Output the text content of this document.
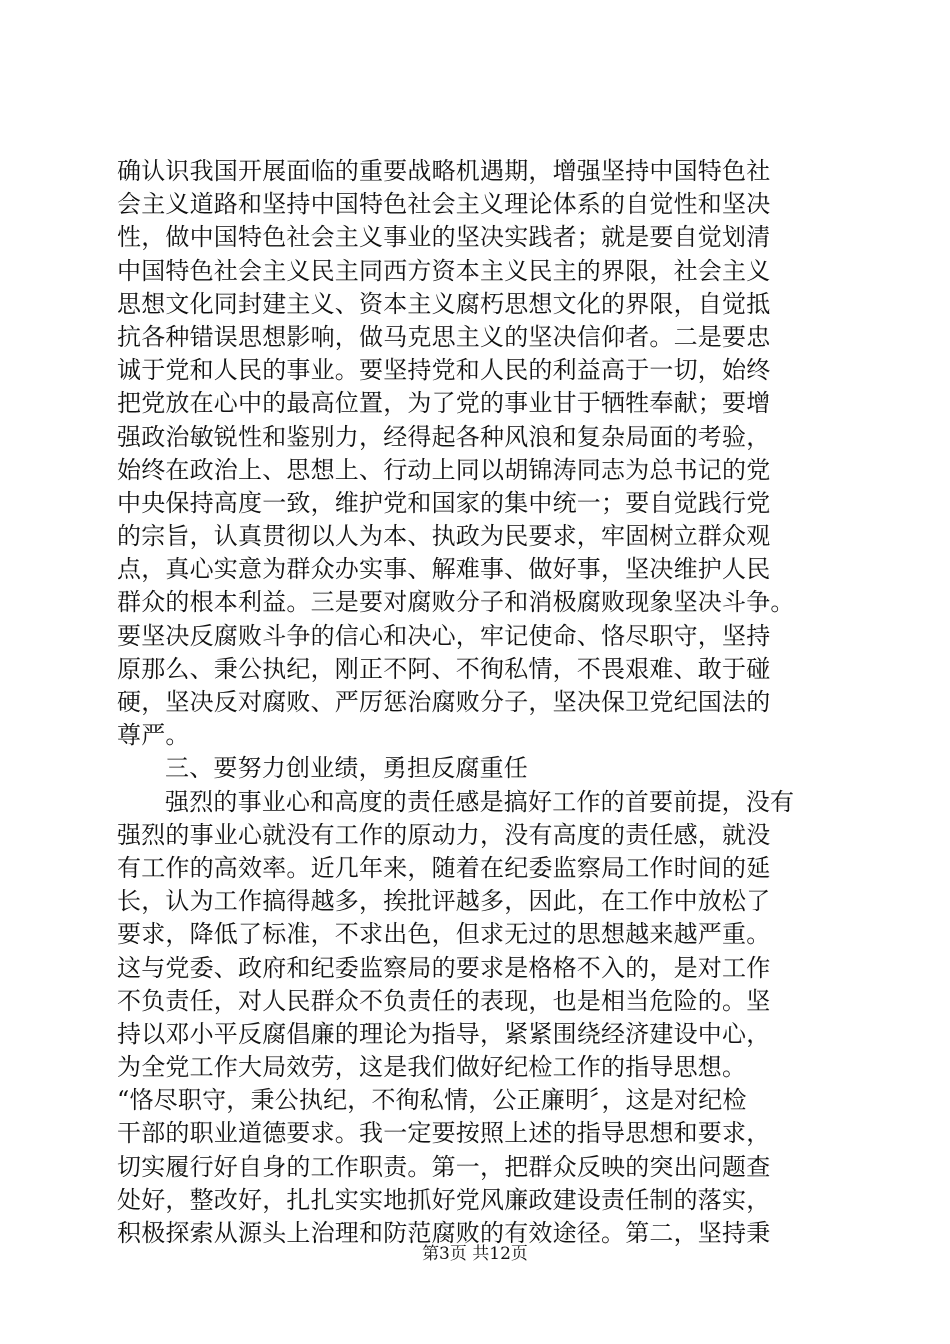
确认识我国开展面临的重要战略机遇期，增强坚持中国特色社
会主义道路和坚持中国特色社会主义理论体系的自觉性和坚决
性，做中国特色社会主义事业的坚决实践者；就是要自觉划清
中国特色社会主义民主同西方资本主义民主的界限，社会主义
思想文化同封建主义、资本主义腐朽思想文化的界限，自觉抵
抗各种错误思想影响，做马克思主义的坚决信仰者。二是要忠
诚于党和人民的事业。要坚持党和人民的利益高于一切，始终
把党放在心中的最高位置，为了党的事业甘于牺牲奉献；要增
强政治敏锐性和鉴别力，经得起各种风浪和复杂局面的考验，
始终在政治上、思想上、行动上同以胡锦涛同志为总书记的党
中央保持高度一致，维护党和国家的集中统一；要自觉践行党
的宗旨，认真贯彻以人为本、执政为民要求，牢固树立群众观
点，真心实意为群众办实事、解难事、做好事，坚决维护人民
群众的根本利益。三是要对腐败分子和消极腐败现象坚决斗争。
要坚决反腐败斗争的信心和决心，牢记使命、恪尽职守，坚持
原那么、秉公执纪，刚正不阿、不徇私情，不畏艰难、敢于碰
硬，坚决反对腐败、严厉惩治腐败分子，坚决保卫党纪国法的
尊严。
三、要努力创业绩，勇担反腐重任
强烈的事业心和高度的责任感是搞好工作的首要前提，没有
强烈的事业心就没有工作的原动力，没有高度的责任感，就没
有工作的高效率。近几年来，随着在纪委监察局工作时间的延
长，认为工作搞得越多，挨批评越多，因此，在工作中放松了
要求，降低了标准，不求出色，但求无过的思想越来越严重。
这与党委、政府和纪委监察局的要求是格格不入的，是对工作
不负责任，对人民群众不负责任的表现，也是相当危险的。坚
持以邓小平反腐倡廉的理论为指导，紧紧围绕经济建设中心，
为全党工作大局效劳，这是我们做好纪检工作的指导思想。
“恪尽职守，秉公执纪，不徇私情，公正廉明〞，这是对纪检
干部的职业道德要求。我一定要按照上述的指导思想和要求，
切实履行好自身的工作职责。第一，把群众反映的突出问题查
处好，整改好，扎扎实实地抓好党风廉政建设责任制的落实，
积极探索从源头上治理和防范腐败的有效途径。第二，坚持秉
第3页 共12页
